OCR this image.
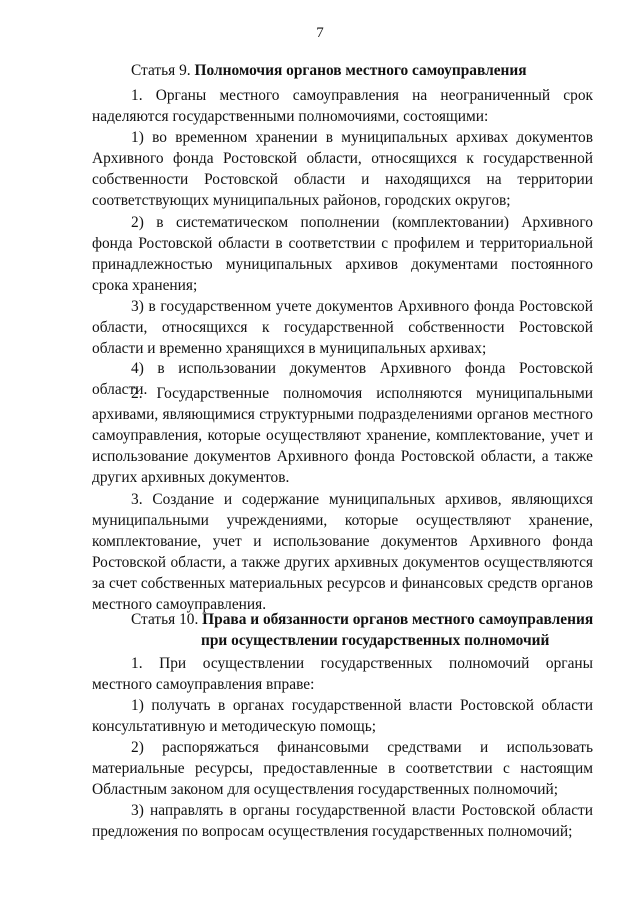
7
Статья 9. Полномочия органов местного самоуправления

1. Органы местного самоуправления на неограниченный срок наделяются государственными полномочиями, состоящими:

1) во временном хранении в муниципальных архивах документов Архивного фонда Ростовской области, относящихся к государственной собственности Ростовской области и находящихся на территории соответствующих муниципальных районов, городских округов;

2) в систематическом пополнении (комплектовании) Архивного фонда Ростовской области в соответствии с профилем и территориальной принадлежностью муниципальных архивов документами постоянного срока хранения;

3) в государственном учете документов Архивного фонда Ростовской области, относящихся к государственной собственности Ростовской области и временно хранящихся в муниципальных архивах;

4) в использовании документов Архивного фонда Ростовской области.

2. Государственные полномочия исполняются муниципальными архивами, являющимися структурными подразделениями органов местного самоуправления, которые осуществляют хранение, комплектование, учет и использование документов Архивного фонда Ростовской области, а также других архивных документов.

3. Создание и содержание муниципальных архивов, являющихся муниципальными учреждениями, которые осуществляют хранение, комплектование, учет и использование документов Архивного фонда Ростовской области, а также других архивных документов осуществляются за счет собственных материальных ресурсов и финансовых средств органов местного самоуправления.

Статья 10. Права и обязанности органов местного самоуправления
при осуществлении государственных полномочий

1. При осуществлении государственных полномочий органы местного самоуправления вправе:

1) получать в органах государственной власти Ростовской области консультативную и методическую помощь;

2) распоряжаться финансовыми средствами и использовать материальные ресурсы, предоставленные в соответствии с настоящим Областным законом для осуществления государственных полномочий;

3) направлять в органы государственной власти Ростовской области предложения по вопросам осуществления государственных полномочий;
